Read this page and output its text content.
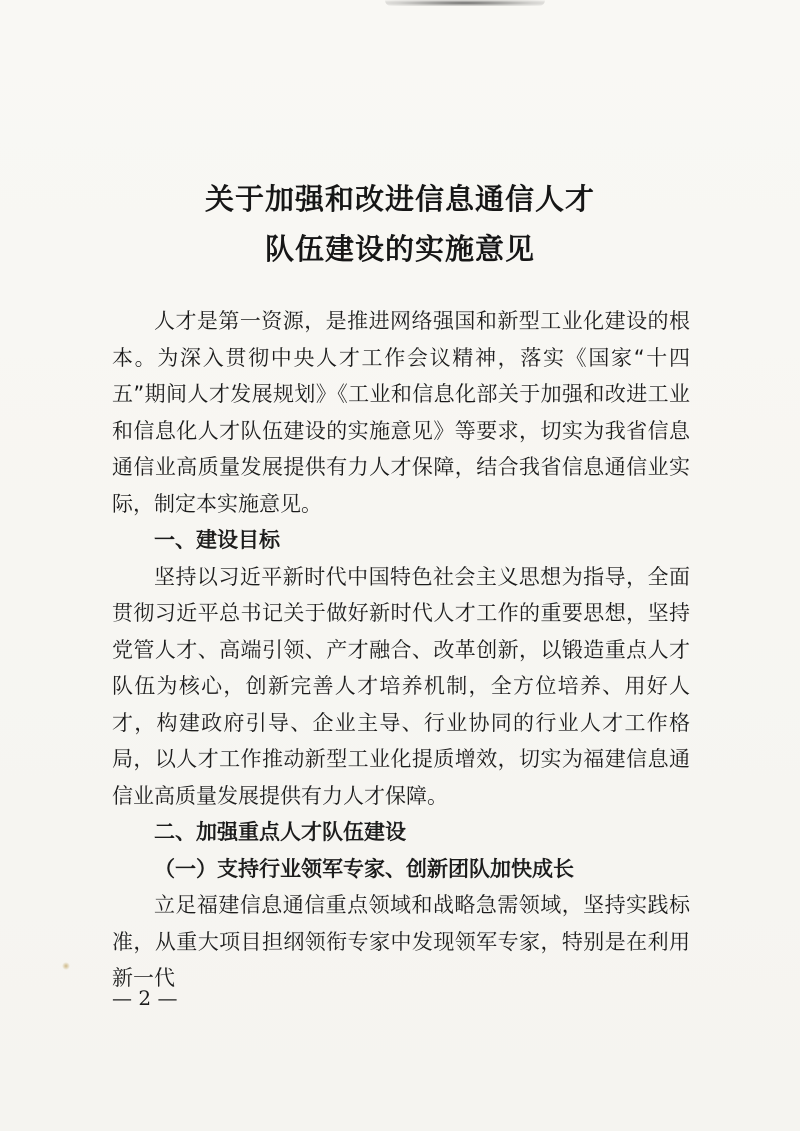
关于加强和改进信息通信人才
队伍建设的实施意见

人才是第一资源，是推进网络强国和新型工业化建设的根本。为深入贯彻中央人才工作会议精神，落实《国家“十四五”期间人才发展规划》《工业和信息化部关于加强和改进工业和信息化人才队伍建设的实施意见》等要求，切实为我省信息通信业高质量发展提供有力人才保障，结合我省信息通信业实际，制定本实施意见。

一、建设目标

坚持以习近平新时代中国特色社会主义思想为指导，全面贯彻习近平总书记关于做好新时代人才工作的重要思想，坚持党管人才、高端引领、产才融合、改革创新，以锻造重点人才队伍为核心，创新完善人才培养机制，全方位培养、用好人才，构建政府引导、企业主导、行业协同的行业人才工作格局，以人才工作推动新型工业化提质增效，切实为福建信息通信业高质量发展提供有力人才保障。

二、加强重点人才队伍建设
（一）支持行业领军专家、创新团队加快成长

立足福建信息通信重点领域和战略急需领域，坚持实践标准，从重大项目担纲领衔专家中发现领军专家，特别是在利用新一代

— 2 —
